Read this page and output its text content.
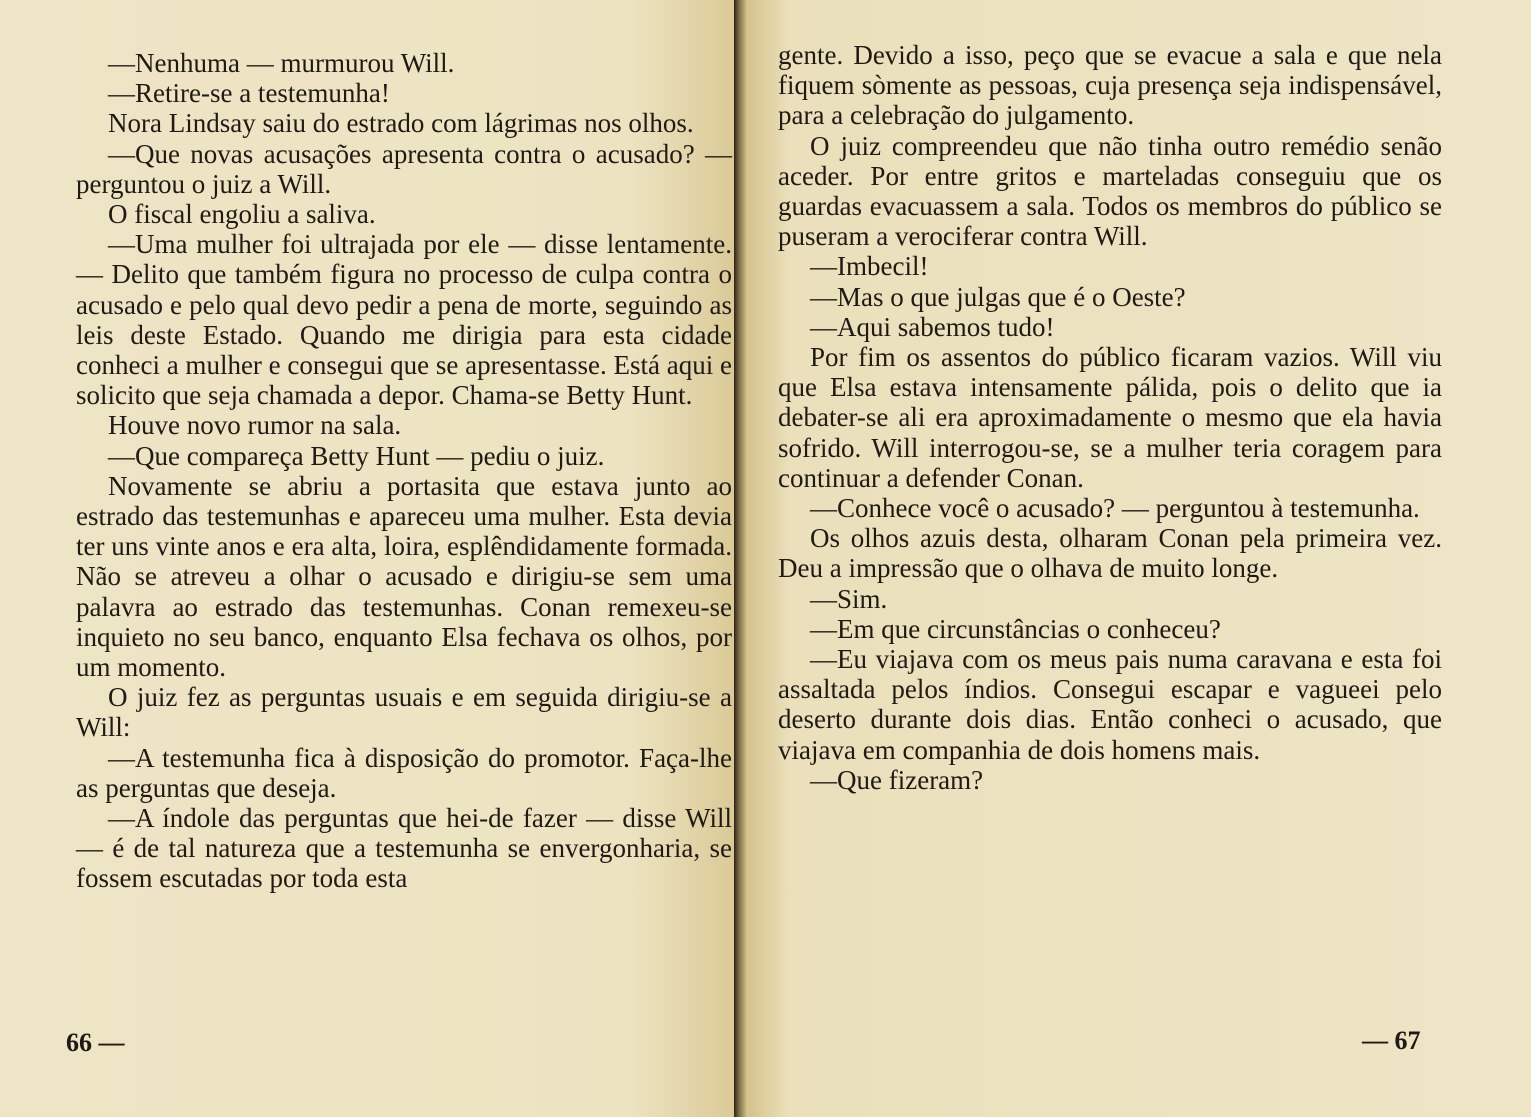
—Nenhuma — murmurou Will.

—Retire-se a testemunha!

Nora Lindsay saiu do estrado com lágrimas nos olhos.

—Que novas acusações apresenta contra o acusado? — perguntou o juiz a Will.

O fiscal engoliu a saliva.

—Uma mulher foi ultrajada por ele — disse lentamente. — Delito que também figura no processo de culpa contra o acusado e pelo qual devo pedir a pena de morte, seguindo as leis deste Estado. Quando me dirigia para esta cidade conheci a mulher e consegui que se apresentasse. Está aqui e solicito que seja chamada a depor. Chama-se Betty Hunt.

Houve novo rumor na sala.

—Que compareça Betty Hunt — pediu o juiz.

Novamente se abriu a portasita que estava junto ao estrado das testemunhas e apareceu uma mulher. Esta devia ter uns vinte anos e era alta, loira, esplêndidamente formada. Não se atreveu a olhar o acusado e dirigiu-se sem uma palavra ao estrado das testemunhas. Conan remexeu-se inquieto no seu banco, enquanto Elsa fechava os olhos, por um momento.

O juiz fez as perguntas usuais e em seguida dirigiu-se a Will:

—A testemunha fica à disposição do promotor. Faça-lhe as perguntas que deseja.

—A índole das perguntas que hei-de fazer — disse Will — é de tal natureza que a testemunha se envergonharia, se fossem escutadas por toda esta

66 —

gente. Devido a isso, peço que se evacue a sala e que nela fiquem sòmente as pessoas, cuja presença seja indispensável, para a celebração do julgamento.

O juiz compreendeu que não tinha outro remédio senão aceder. Por entre gritos e marteladas conseguiu que os guardas evacuassem a sala. Todos os membros do público se puseram a verociferar contra Will.

—Imbecil!

—Mas o que julgas que é o Oeste?

—Aqui sabemos tudo!

Por fim os assentos do público ficaram vazios. Will viu que Elsa estava intensamente pálida, pois o delito que ia debater-se ali era aproximadamente o mesmo que ela havia sofrido. Will interrogou-se, se a mulher teria coragem para continuar a defender Conan.

—Conhece você o acusado? — perguntou à testemunha.

Os olhos azuis desta, olharam Conan pela primeira vez. Deu a impressão que o olhava de muito longe.

—Sim.

—Em que circunstâncias o conheceu?

—Eu viajava com os meus pais numa caravana e esta foi assaltada pelos índios. Consegui escapar e vagueei pelo deserto durante dois dias. Então conheci o acusado, que viajava em companhia de dois homens mais.

—Que fizeram?

— 67
